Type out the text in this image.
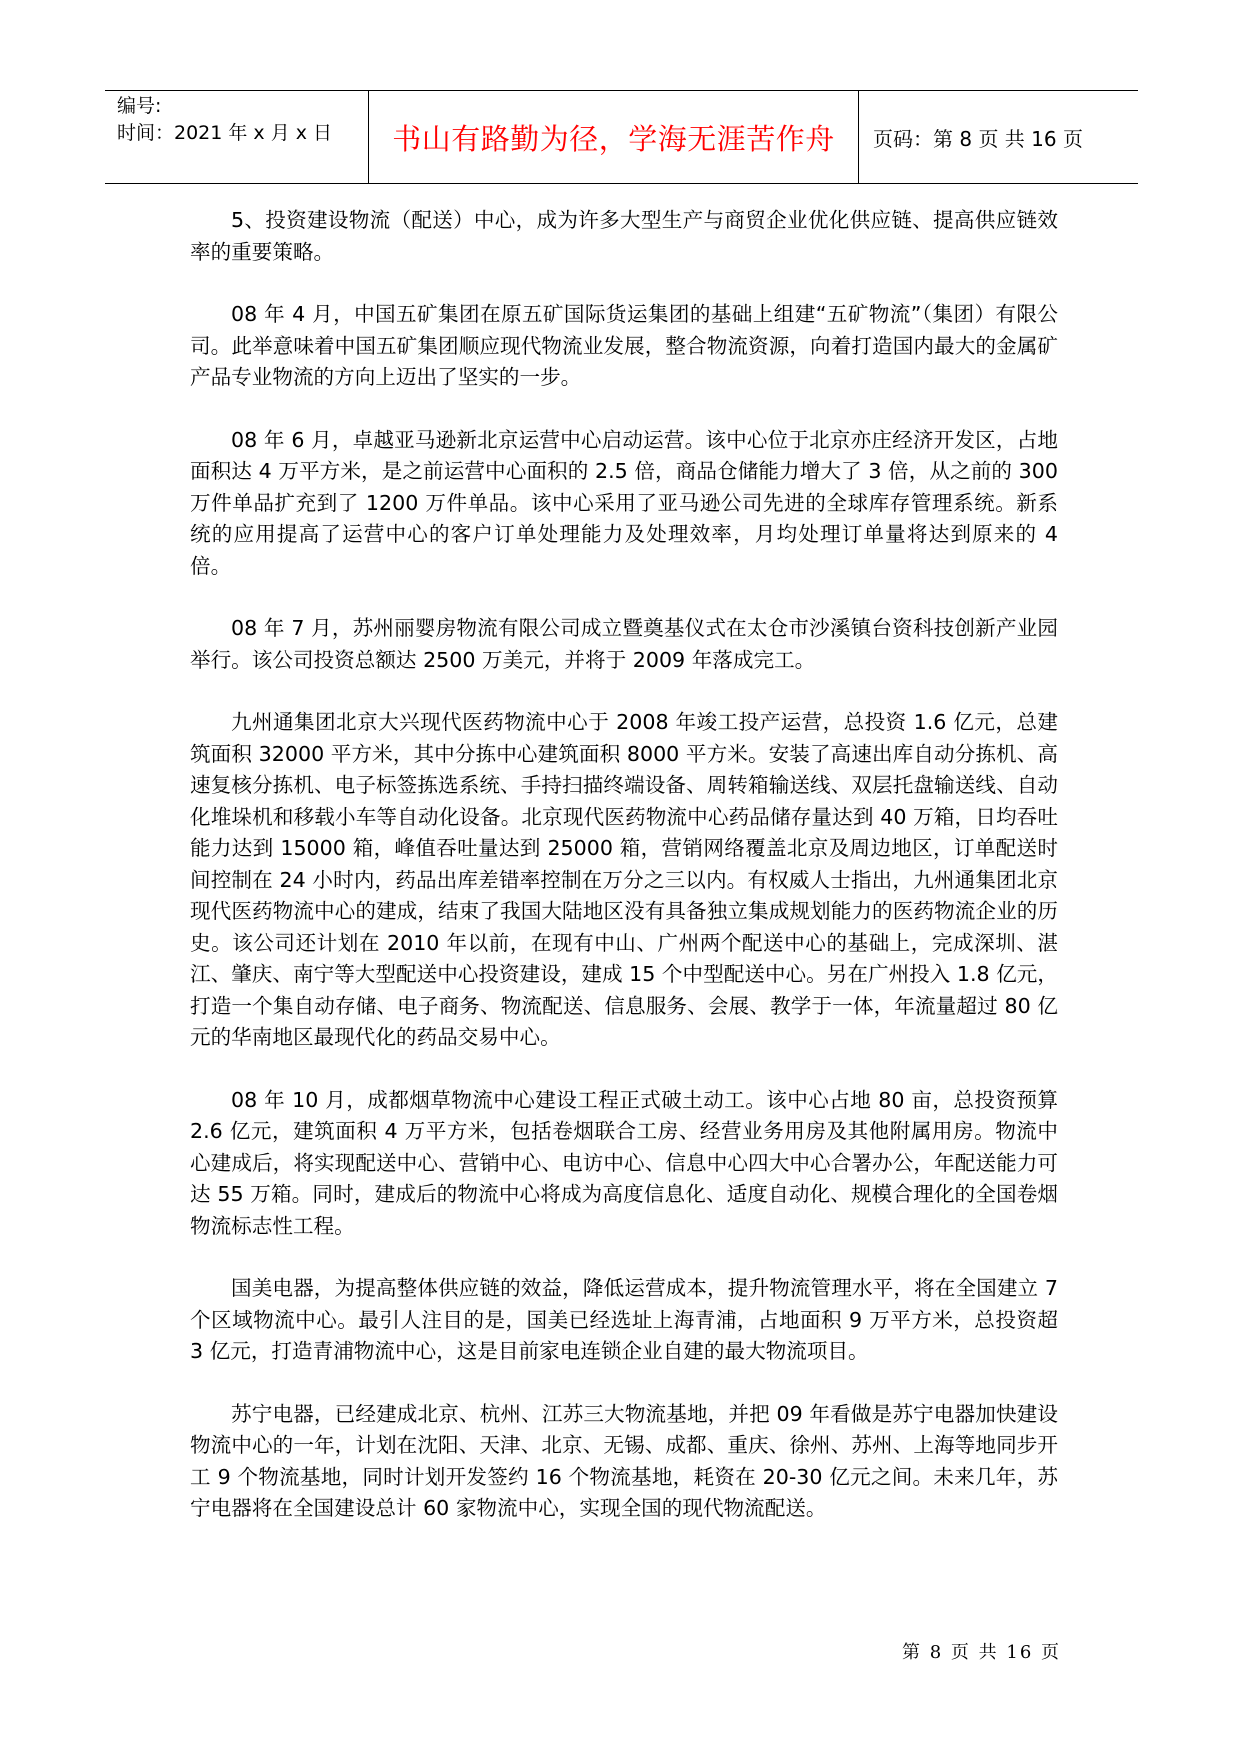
编号:
时间：2021 年 x 月 x 日	书山有路勤为径，学海无涯苦作舟	页码：第 8 页 共 16 页

5、投资建设物流（配送）中心，成为许多大型生产与商贸企业优化供应链、提高供应链效率的重要策略。

08 年 4 月，中国五矿集团在原五矿国际货运集团的基础上组建“五矿物流”（集团）有限公司。此举意味着中国五矿集团顺应现代物流业发展，整合物流资源，向着打造国内最大的金属矿产品专业物流的方向上迈出了坚实的一步。

08 年 6 月，卓越亚马逊新北京运营中心启动运营。该中心位于北京亦庄经济开发区，占地面积达 4 万平方米，是之前运营中心面积的 2.5 倍，商品仓储能力增大了 3 倍，从之前的 300 万件单品扩充到了 1200 万件单品。该中心采用了亚马逊公司先进的全球库存管理系统。新系统的应用提高了运营中心的客户订单处理能力及处理效率，月均处理订单量将达到原来的 4 倍。

08 年 7 月，苏州丽婴房物流有限公司成立暨奠基仪式在太仓市沙溪镇台资科技创新产业园举行。该公司投资总额达 2500 万美元，并将于 2009 年落成完工。

九州通集团北京大兴现代医药物流中心于 2008 年竣工投产运营，总投资 1.6 亿元，总建筑面积 32000 平方米，其中分拣中心建筑面积 8000 平方米。安装了高速出库自动分拣机、高速复核分拣机、电子标签拣选系统、手持扫描终端设备、周转箱输送线、双层托盘输送线、自动化堆垛机和移载小车等自动化设备。北京现代医药物流中心药品储存量达到 40 万箱，日均吞吐能力达到 15000 箱，峰值吞吐量达到 25000 箱，营销网络覆盖北京及周边地区，订单配送时间控制在 24 小时内，药品出库差错率控制在万分之三以内。有权威人士指出，九州通集团北京现代医药物流中心的建成，结束了我国大陆地区没有具备独立集成规划能力的医药物流企业的历史。该公司还计划在 2010 年以前，在现有中山、广州两个配送中心的基础上，完成深圳、湛江、肇庆、南宁等大型配送中心投资建设，建成 15 个中型配送中心。另在广州投入 1.8 亿元，打造一个集自动存储、电子商务、物流配送、信息服务、会展、教学于一体，年流量超过 80 亿元的华南地区最现代化的药品交易中心。

08 年 10 月，成都烟草物流中心建设工程正式破土动工。该中心占地 80 亩，总投资预算 2.6 亿元，建筑面积 4 万平方米，包括卷烟联合工房、经营业务用房及其他附属用房。物流中心建成后，将实现配送中心、营销中心、电访中心、信息中心四大中心合署办公，年配送能力可达 55 万箱。同时，建成后的物流中心将成为高度信息化、适度自动化、规模合理化的全国卷烟物流标志性工程。

国美电器，为提高整体供应链的效益，降低运营成本，提升物流管理水平，将在全国建立 7 个区域物流中心。最引人注目的是，国美已经选址上海青浦，占地面积 9 万平方米，总投资超 3 亿元，打造青浦物流中心，这是目前家电连锁企业自建的最大物流项目。

苏宁电器，已经建成北京、杭州、江苏三大物流基地，并把 09 年看做是苏宁电器加快建设物流中心的一年，计划在沈阳、天津、北京、无锡、成都、重庆、徐州、苏州、上海等地同步开工 9 个物流基地，同时计划开发签约 16 个物流基地，耗资在 20-30 亿元之间。未来几年，苏宁电器将在全国建设总计 60 家物流中心，实现全国的现代物流配送。

第 8 页 共 16 页
